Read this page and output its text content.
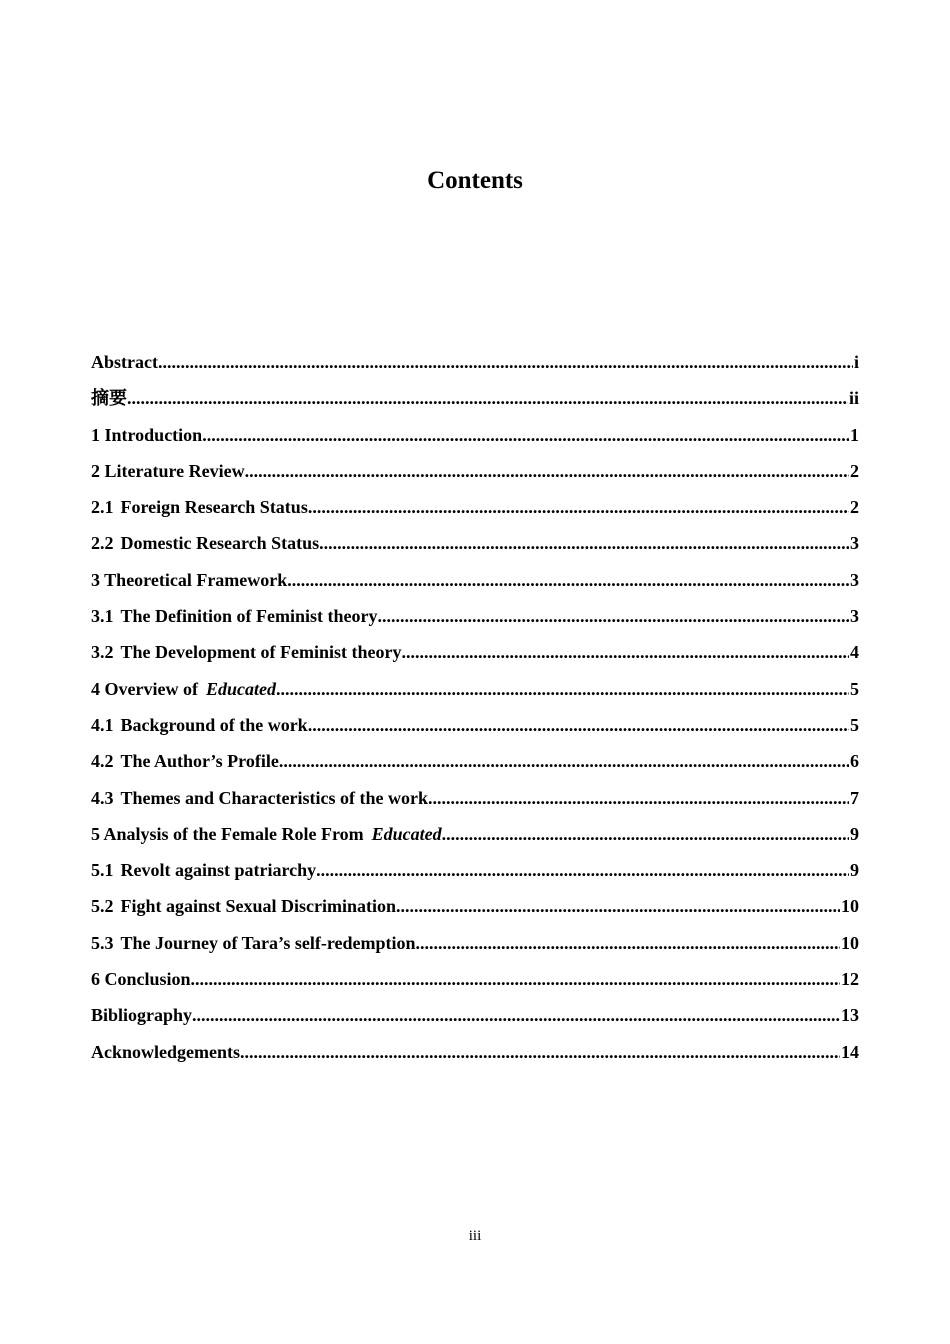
Contents
Abstract .....	i
摘要 .....	ii
1 Introduction .....	1
2 Literature Review .....	2
2.1 Foreign Research Status .....	2
2.2 Domestic Research Status .....	3
3 Theoretical Framework .....	3
3.1 The Definition of Feminist theory .....	3
3.2 The Development of Feminist theory .....	4
4 Overview of Educated .....	5
4.1 Background of the work .....	5
4.2 The Author’s Profile .....	6
4.3 Themes and Characteristics of the work .....	7
5 Analysis of the Female Role From Educated .....	9
5.1 Revolt against patriarchy .....	9
5.2 Fight against Sexual Discrimination .....	10
5.3 The Journey of Tara’s self-redemption .....	10
6 Conclusion .....	12
Bibliography .....	13
Acknowledgements .....	14
iii
